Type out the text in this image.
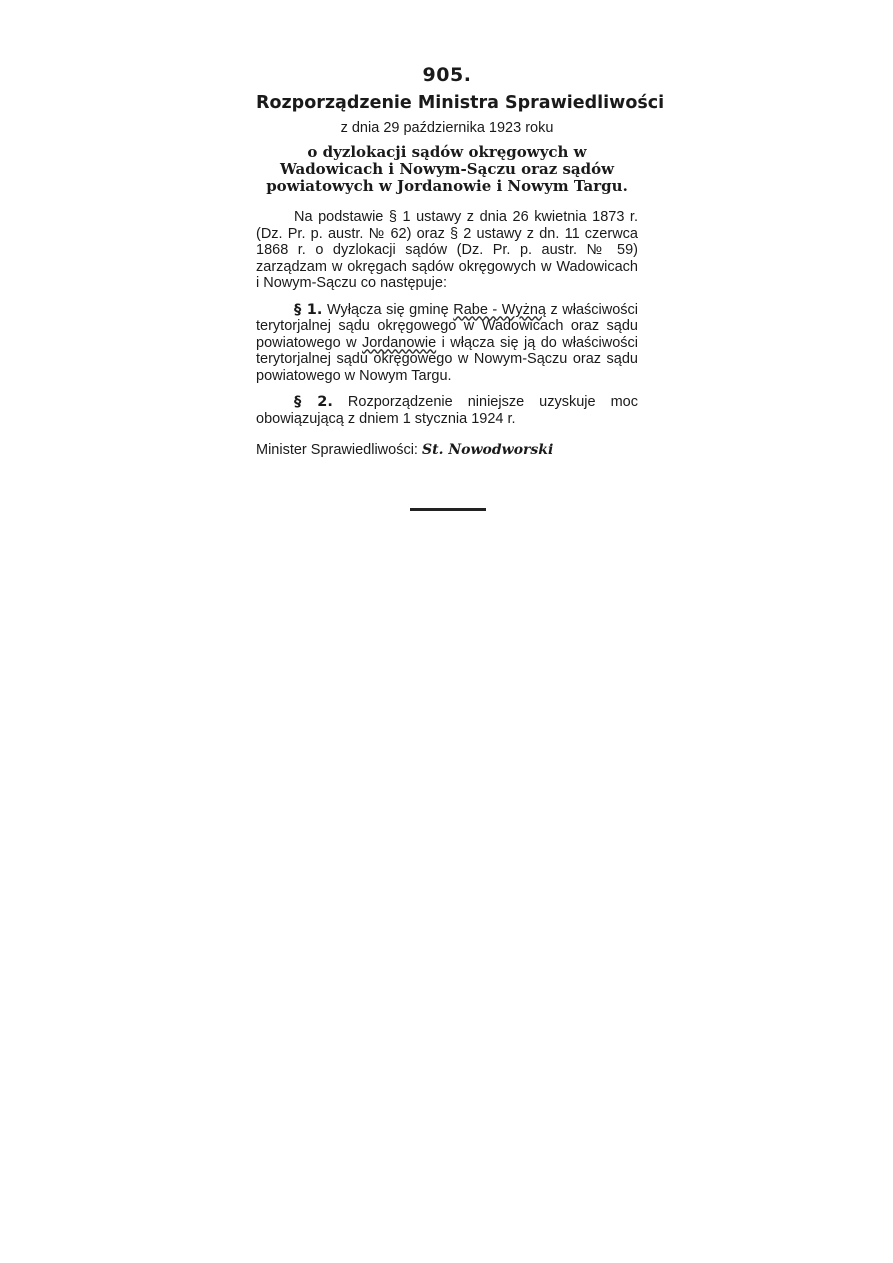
905.
Rozporządzenie Ministra Sprawiedliwości
z dnia 29 października 1923 roku
o dyzlokacji sądów okręgowych w Wadowicach i Nowym-Sączu oraz sądów powiatowych w Jordanowie i Nowym Targu.

Na podstawie § 1 ustawy z dnia 26 kwietnia 1873 r. (Dz. Pr. p. austr. № 62) oraz § 2 ustawy z dn. 11 czerwca 1868 r. o dyzlokacji sądów (Dz. Pr. p. austr. № 59) zarządzam w okręgach sądów okręgowych w Wadowicach i Nowym-Sączu co następuje:

§ 1. Wyłącza się gminę Rabe - Wyżną z właściwości terytorjalnej sądu okręgowego w Wadowicach oraz sądu powiatowego w Jordanowie i włącza się ją do właściwości terytorjalnej sądu okręgowego w Nowym-Sączu oraz sądu powiatowego w Nowym Targu.

§ 2. Rozporządzenie niniejsze uzyskuje moc obowiązującą z dniem 1 stycznia 1924 r.

Minister Sprawiedliwości: St. Nowodworski
